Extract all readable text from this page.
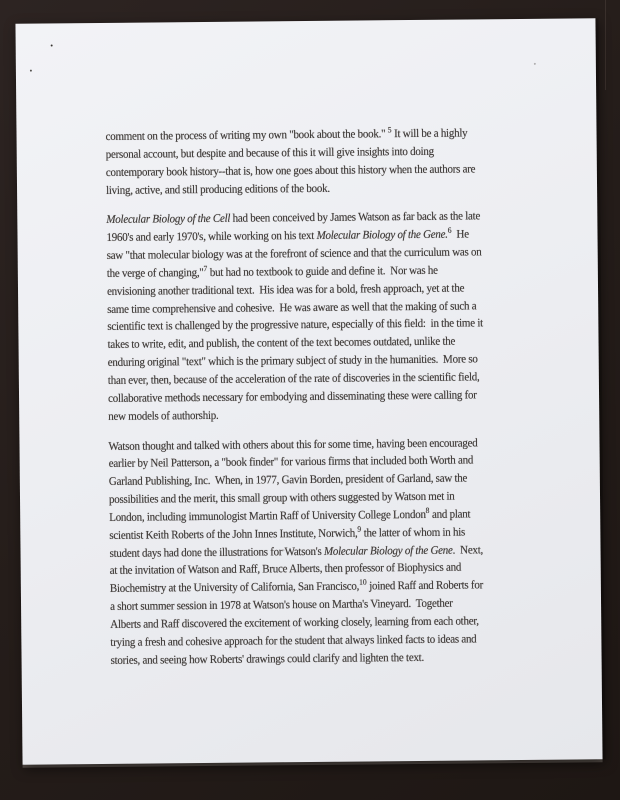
comment on the process of writing my own "book about the book." $^5$ It will be a highly
personal account, but despite and because of this it will give insights into doing
contemporary book history--that is, how one goes about this history when the authors are
living, active, and still producing editions of the book.
Molecular Biology of the Cell had been conceived by James Watson as far back as the late
1960's and early 1970's, while working on his text Molecular Biology of the Gene.$^6$  He
saw "that molecular biology was at the forefront of science and that the curriculum was on
the verge of changing,"$^7$ but had no textbook to guide and define it.  Nor was he
envisioning another traditional text.  His idea was for a bold, fresh approach, yet at the
same time comprehensive and cohesive.  He was aware as well that the making of such a
scientific text is challenged by the progressive nature, especially of this field:  in the time it
takes to write, edit, and publish, the content of the text becomes outdated, unlike the
enduring original "text" which is the primary subject of study in the humanities.  More so
than ever, then, because of the acceleration of the rate of discoveries in the scientific field,
collaborative methods necessary for embodying and disseminating these were calling for
new models of authorship.
Watson thought and talked with others about this for some time, having been encouraged
earlier by Neil Patterson, a "book finder" for various firms that included both Worth and
Garland Publishing, Inc.  When, in 1977, Gavin Borden, president of Garland, saw the
possibilities and the merit, this small group with others suggested by Watson met in
London, including immunologist Martin Raff of University College London$^8$ and plant
scientist Keith Roberts of the John Innes Institute, Norwich,$^9$ the latter of whom in his
student days had done the illustrations for Watson's Molecular Biology of the Gene.  Next,
at the invitation of Watson and Raff, Bruce Alberts, then professor of Biophysics and
Biochemistry at the University of California, San Francisco,$^{10}$ joined Raff and Roberts for
a short summer session in 1978 at Watson's house on Martha's Vineyard.  Together
Alberts and Raff discovered the excitement of working closely, learning from each other,
trying a fresh and cohesive approach for the student that always linked facts to ideas and
stories, and seeing how Roberts' drawings could clarify and lighten the text.
